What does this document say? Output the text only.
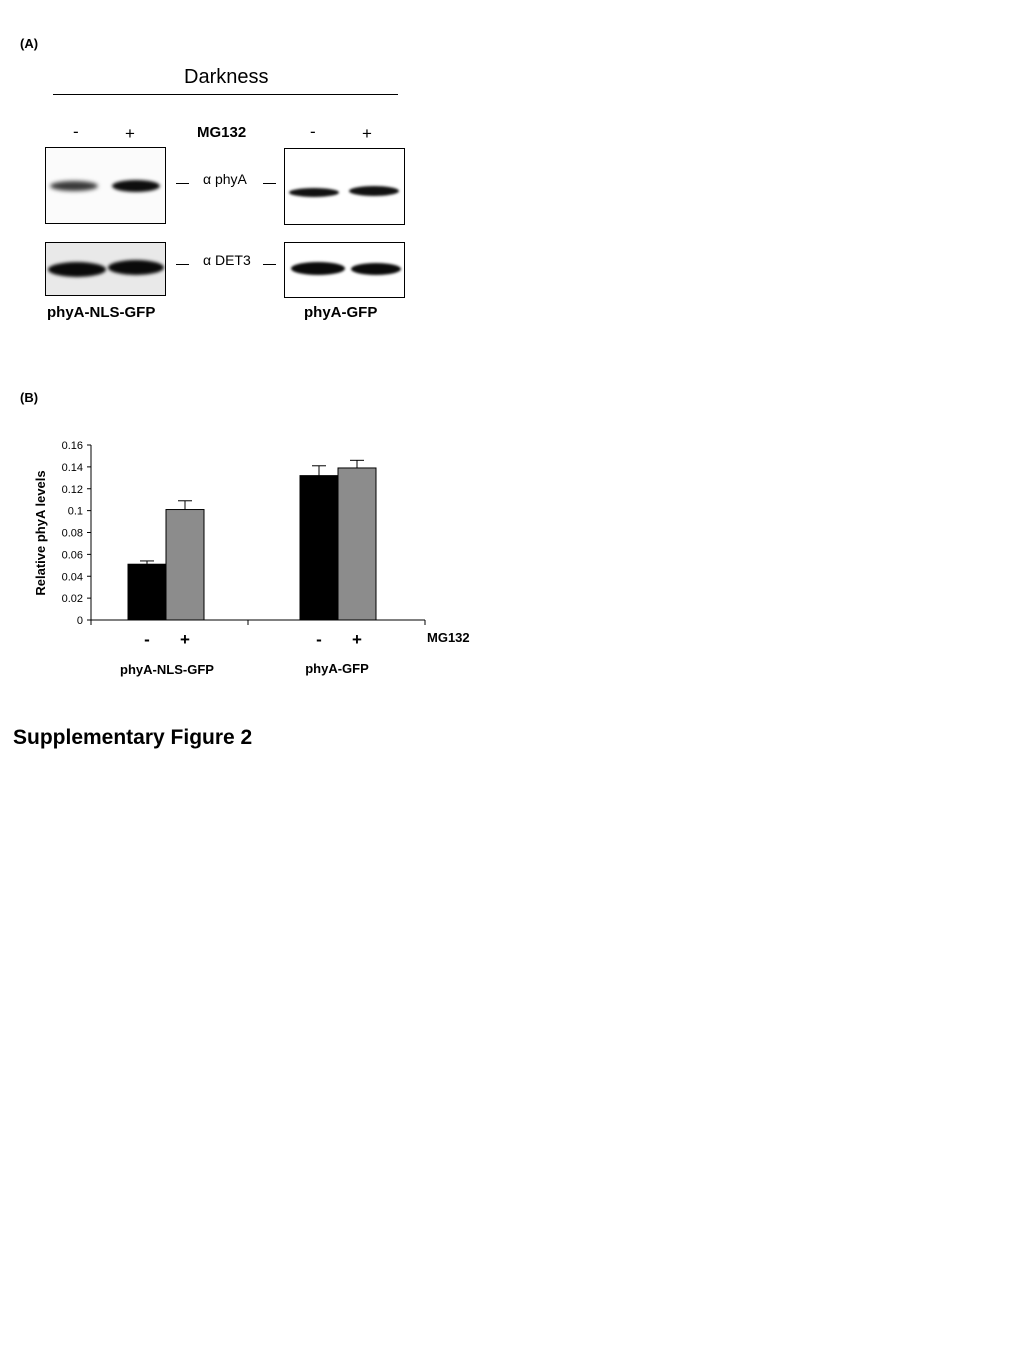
(A)
Darkness
-	+	MG132	-	+
α phyA
α DET3
phyA-NLS-GFP	phyA-GFP
(B)
0
0.02
0.04
0.06
0.08
0.1
0.12
0.14
0.16
Relative phyA levels
- +	- +	MG132
phyA-NLS-GFP	phyA-GFP
Supplementary Figure 2
